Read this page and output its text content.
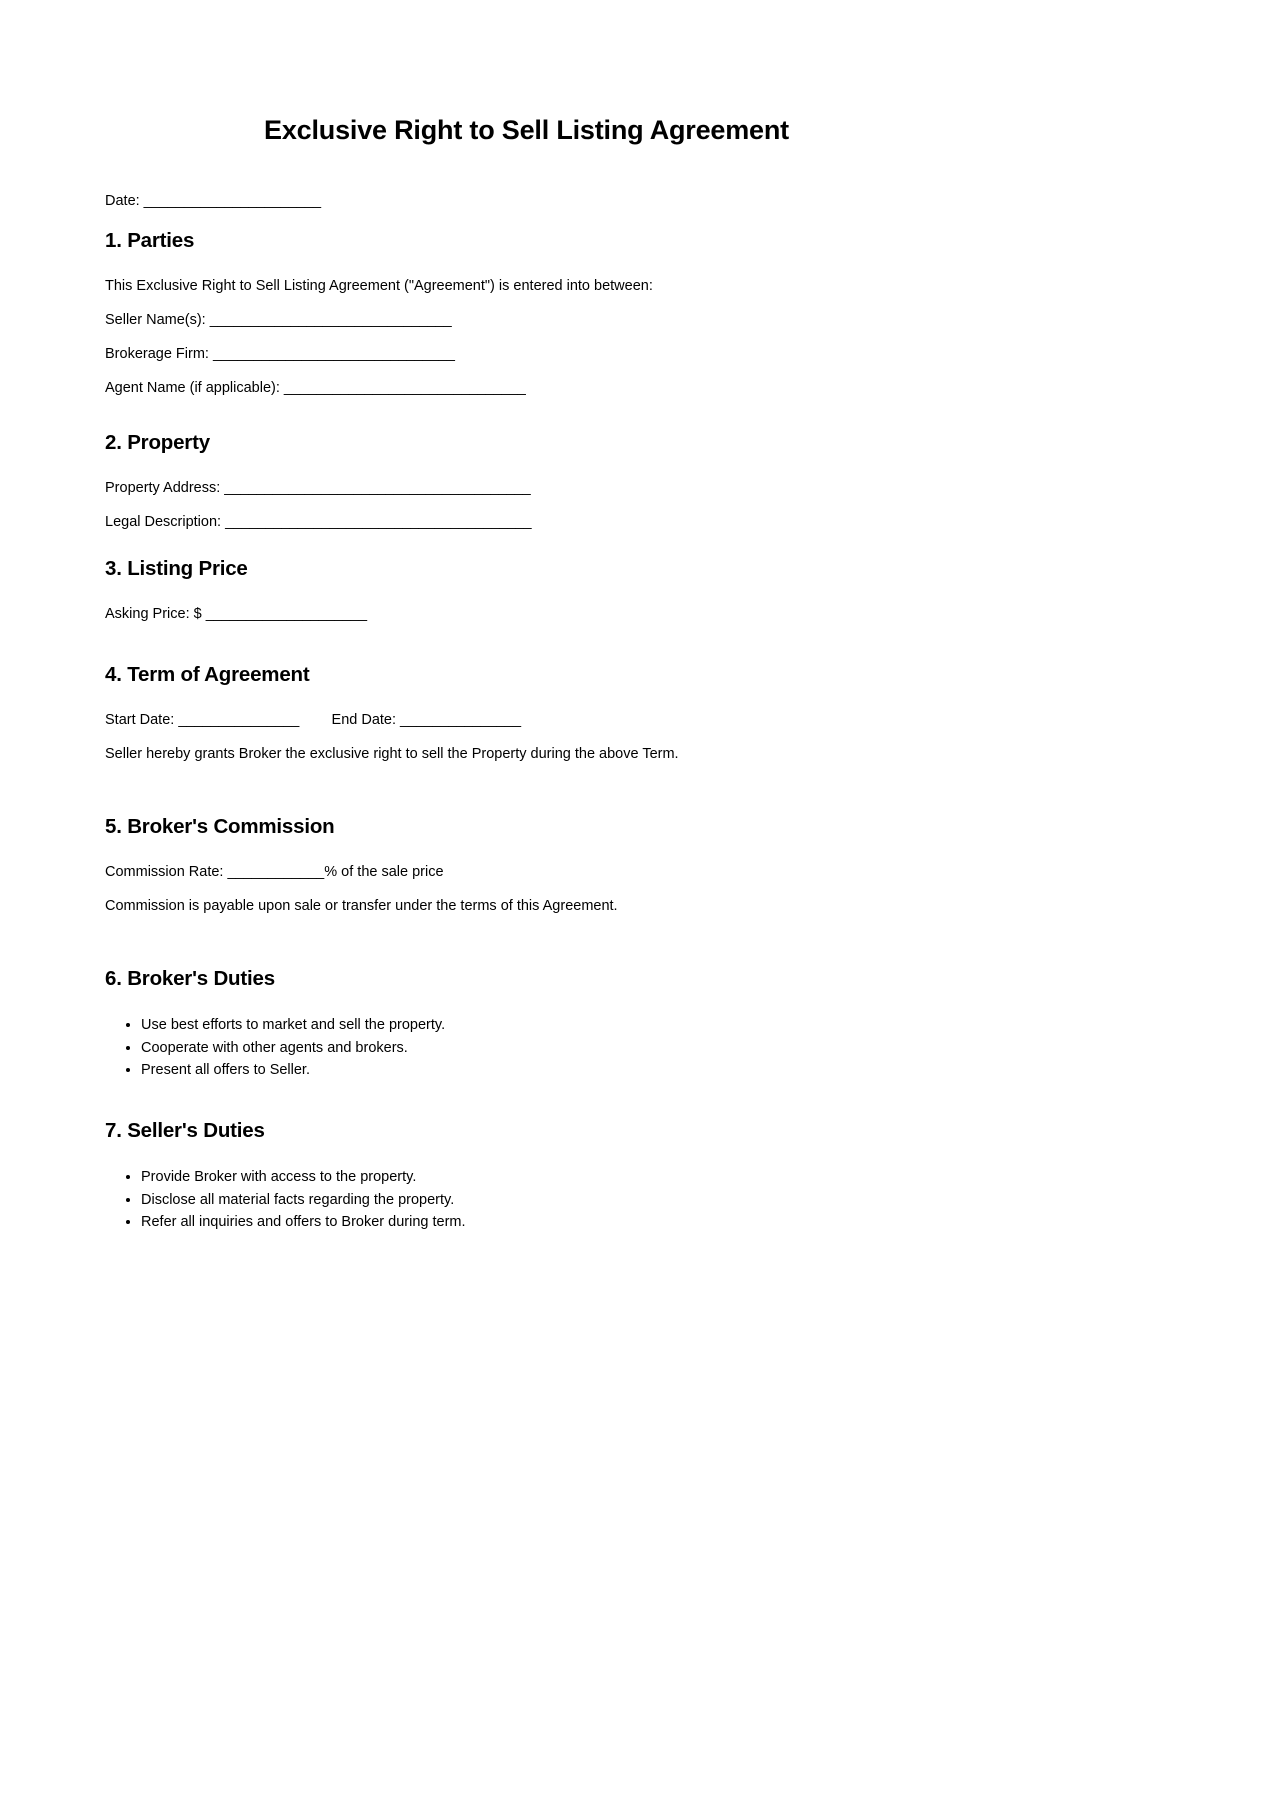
Exclusive Right to Sell Listing Agreement

Date: ______________________

1. Parties

This Exclusive Right to Sell Listing Agreement ("Agreement") is entered into between:

Seller Name(s): ______________________________

Brokerage Firm: ______________________________

Agent Name (if applicable): ______________________________

2. Property

Property Address: ______________________________________

Legal Description: ______________________________________

3. Listing Price

Asking Price: $ ____________________

4. Term of Agreement

Start Date: _______________        End Date: _______________

Seller hereby grants Broker the exclusive right to sell the Property during the above Term.

5. Broker's Commission

Commission Rate: ____________% of the sale price

Commission is payable upon sale or transfer under the terms of this Agreement.

6. Broker's Duties
• Use best efforts to market and sell the property.
• Cooperate with other agents and brokers.
• Present all offers to Seller.
7. Seller's Duties
• Provide Broker with access to the property.
• Disclose all material facts regarding the property.
• Refer all inquiries and offers to Broker during term.
